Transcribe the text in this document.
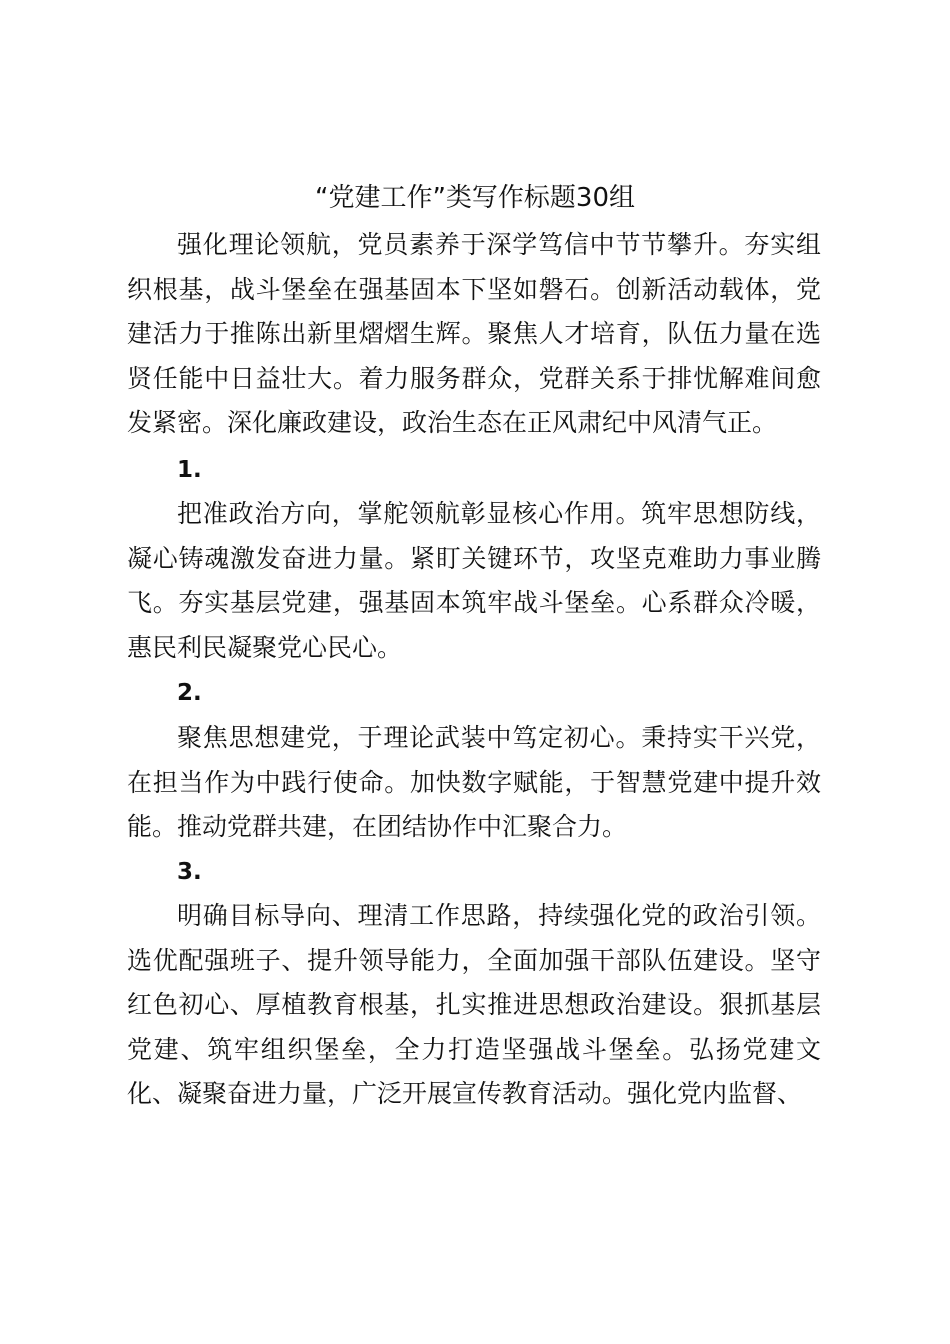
“党建工作”类写作标题30组

强化理论领航，党员素养于深学笃信中节节攀升。夯实组织根基，战斗堡垒在强基固本下坚如磐石。创新活动载体，党建活力于推陈出新里熠熠生辉。聚焦人才培育，队伍力量在选贤任能中日益壮大。着力服务群众，党群关系于排忧解难间愈发紧密。深化廉政建设，政治生态在正风肃纪中风清气正。

1.

把准政治方向，掌舵领航彰显核心作用。筑牢思想防线，凝心铸魂激发奋进力量。紧盯关键环节，攻坚克难助力事业腾飞。夯实基层党建，强基固本筑牢战斗堡垒。心系群众冷暖，惠民利民凝聚党心民心。

2.

聚焦思想建党，于理论武装中笃定初心。秉持实干兴党，在担当作为中践行使命。加快数字赋能，于智慧党建中提升效能。推动党群共建，在团结协作中汇聚合力。

3.

明确目标导向、理清工作思路，持续强化党的政治引领。选优配强班子、提升领导能力，全面加强干部队伍建设。坚守红色初心、厚植教育根基，扎实推进思想政治建设。狠抓基层党建、筑牢组织堡垒，全力打造坚强战斗堡垒。弘扬党建文化、凝聚奋进力量，广泛开展宣传教育活动。强化党内监督、
